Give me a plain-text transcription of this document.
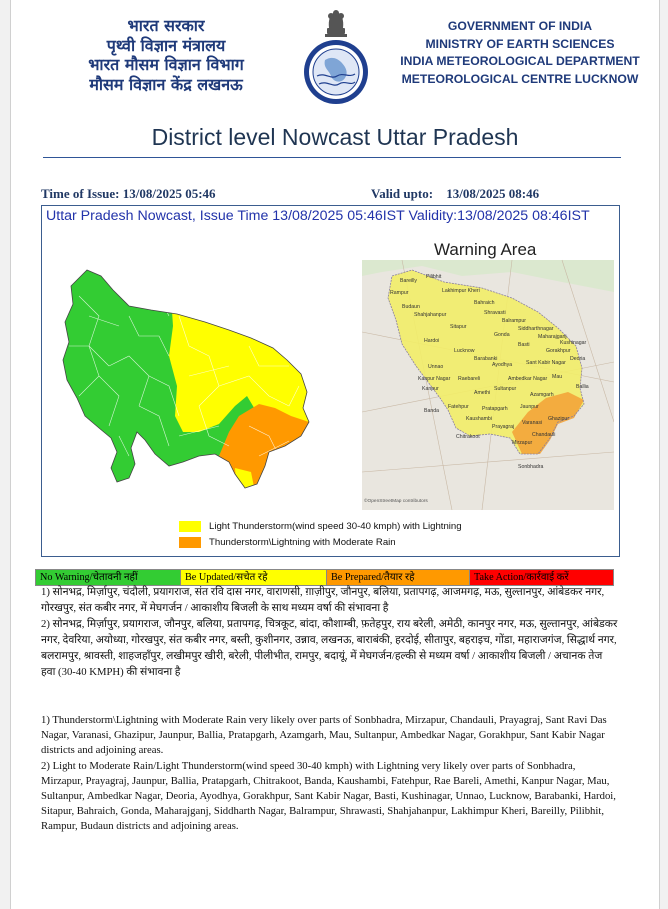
भारत सरकार
पृथ्वी विज्ञान मंत्रालय
भारत मौसम विज्ञान विभाग
मौसम विज्ञान केंद्र लखनऊ
GOVERNMENT OF INDIA
MINISTRY OF EARTH SCIENCES
INDIA METEOROLOGICAL DEPARTMENT
METEOROLOGICAL CENTRE LUCKNOW
District level Nowcast Uttar Pradesh
Time of Issue: 13/08/2025 05:46	Valid upto: 13/08/2025 08:46
Uttar Pradesh Nowcast, Issue Time 13/08/2025 05:46IST Validity:13/08/2025 08:46IST
Bareilly
Pilibhit
Lakhimpur Kheri
Rampur
Budaun
Shahjahanpur
Bahraich
Shravasti
Balrampur
Siddharthnagar
Maharajganj
Sitapur
Gonda
Basti
Gorakhpur
Kushinagar
Deoria
Hardoi
Lucknow
Barabanki
Ayodhya	Sant Kabir Nagar
Unnao
Ambedkar Nagar Mau
Ballia
Kanpur Nagar Raebareli
Sultanpur
Azamgarh
Kanpur
Amethi
Jaunpur
Fatehpur	Pratapgarh
Banda
Kaushambi
Varanasi
Ghazipur
Chitrakoot
Prayagraj
Chandauli
Mirzapur
Sonbhadra
©OpenStreetMap contributors
Warning Area
Light Thunderstorm(wind speed 30-40 kmph) with Lightning
Thunderstorm\Lightning with Moderate Rain
No Warning/चेतावनी नहीं	Be Updated/सचेत रहे	Be Prepared/तैयार रहे	Take Action/कार्रवाई करें

1) सोनभद्र, मिर्ज़ापुर, चंदौली, प्रयागराज, संत रवि दास नगर, वाराणसी, ग़ाज़ीपुर, जौनपुर, बलिया, प्रतापगढ़, आजमगढ़, मऊ, सुल्तानपुर, आंबेडकर नगर, गोरखपुर, संत कबीर नगर, में मेघगर्जन / आकाशीय बिजली के साथ मध्यम वर्षा की संभावना है

2) सोनभद्र, मिर्ज़ापुर, प्रयागराज, जौनपुर, बलिया, प्रतापगढ़, चित्रकूट, बांदा, कौशाम्बी, फ़तेहपुर, राय बरेली, अमेठी, कानपुर नगर, मऊ, सुल्तानपुर, आंबेडकर नगर, देवरिया, अयोध्या, गोरखपुर, संत कबीर नगर, बस्ती, कुशीनगर, उन्नाव, लखनऊ, बाराबंकी, हरदोई, सीतापुर, बहराइच, गोंडा, महाराजगंज, सिद्धार्थ नगर, बलरामपुर, श्रावस्ती, शाहजहाँपुर, लखीमपुर खीरी, बरेली, पीलीभीत, रामपुर, बदायूं, में मेघगर्जन/हल्की से मध्यम वर्षा / आकाशीय बिजली / अचानक तेज हवा (30-40 KMPH) की संभावना है

1) Thunderstorm\Lightning with Moderate Rain very likely over parts of Sonbhadra, Mirzapur, Chandauli, Prayagraj, Sant Ravi Das Nagar, Varanasi, Ghazipur, Jaunpur, Ballia, Pratapgarh, Azamgarh, Mau, Sultanpur, Ambedkar Nagar, Gorakhpur, Sant Kabir Nagar districts and adjoining areas.

2) Light to Moderate Rain/Light Thunderstorm(wind speed 30-40 kmph) with Lightning very likely over parts of Sonbhadra, Mirzapur, Prayagraj, Jaunpur, Ballia, Pratapgarh, Chitrakoot, Banda, Kaushambi, Fatehpur, Rae Bareli, Amethi, Kanpur Nagar, Mau, Sultanpur, Ambedkar Nagar, Deoria, Ayodhya, Gorakhpur, Sant Kabir Nagar, Basti, Kushinagar, Unnao, Lucknow, Barabanki, Hardoi, Sitapur, Bahraich, Gonda, Maharajganj, Siddharth Nagar, Balrampur, Shrawasti, Shahjahanpur, Lakhimpur Kheri, Bareilly, Pilibhit, Rampur, Budaun districts and adjoining areas.
